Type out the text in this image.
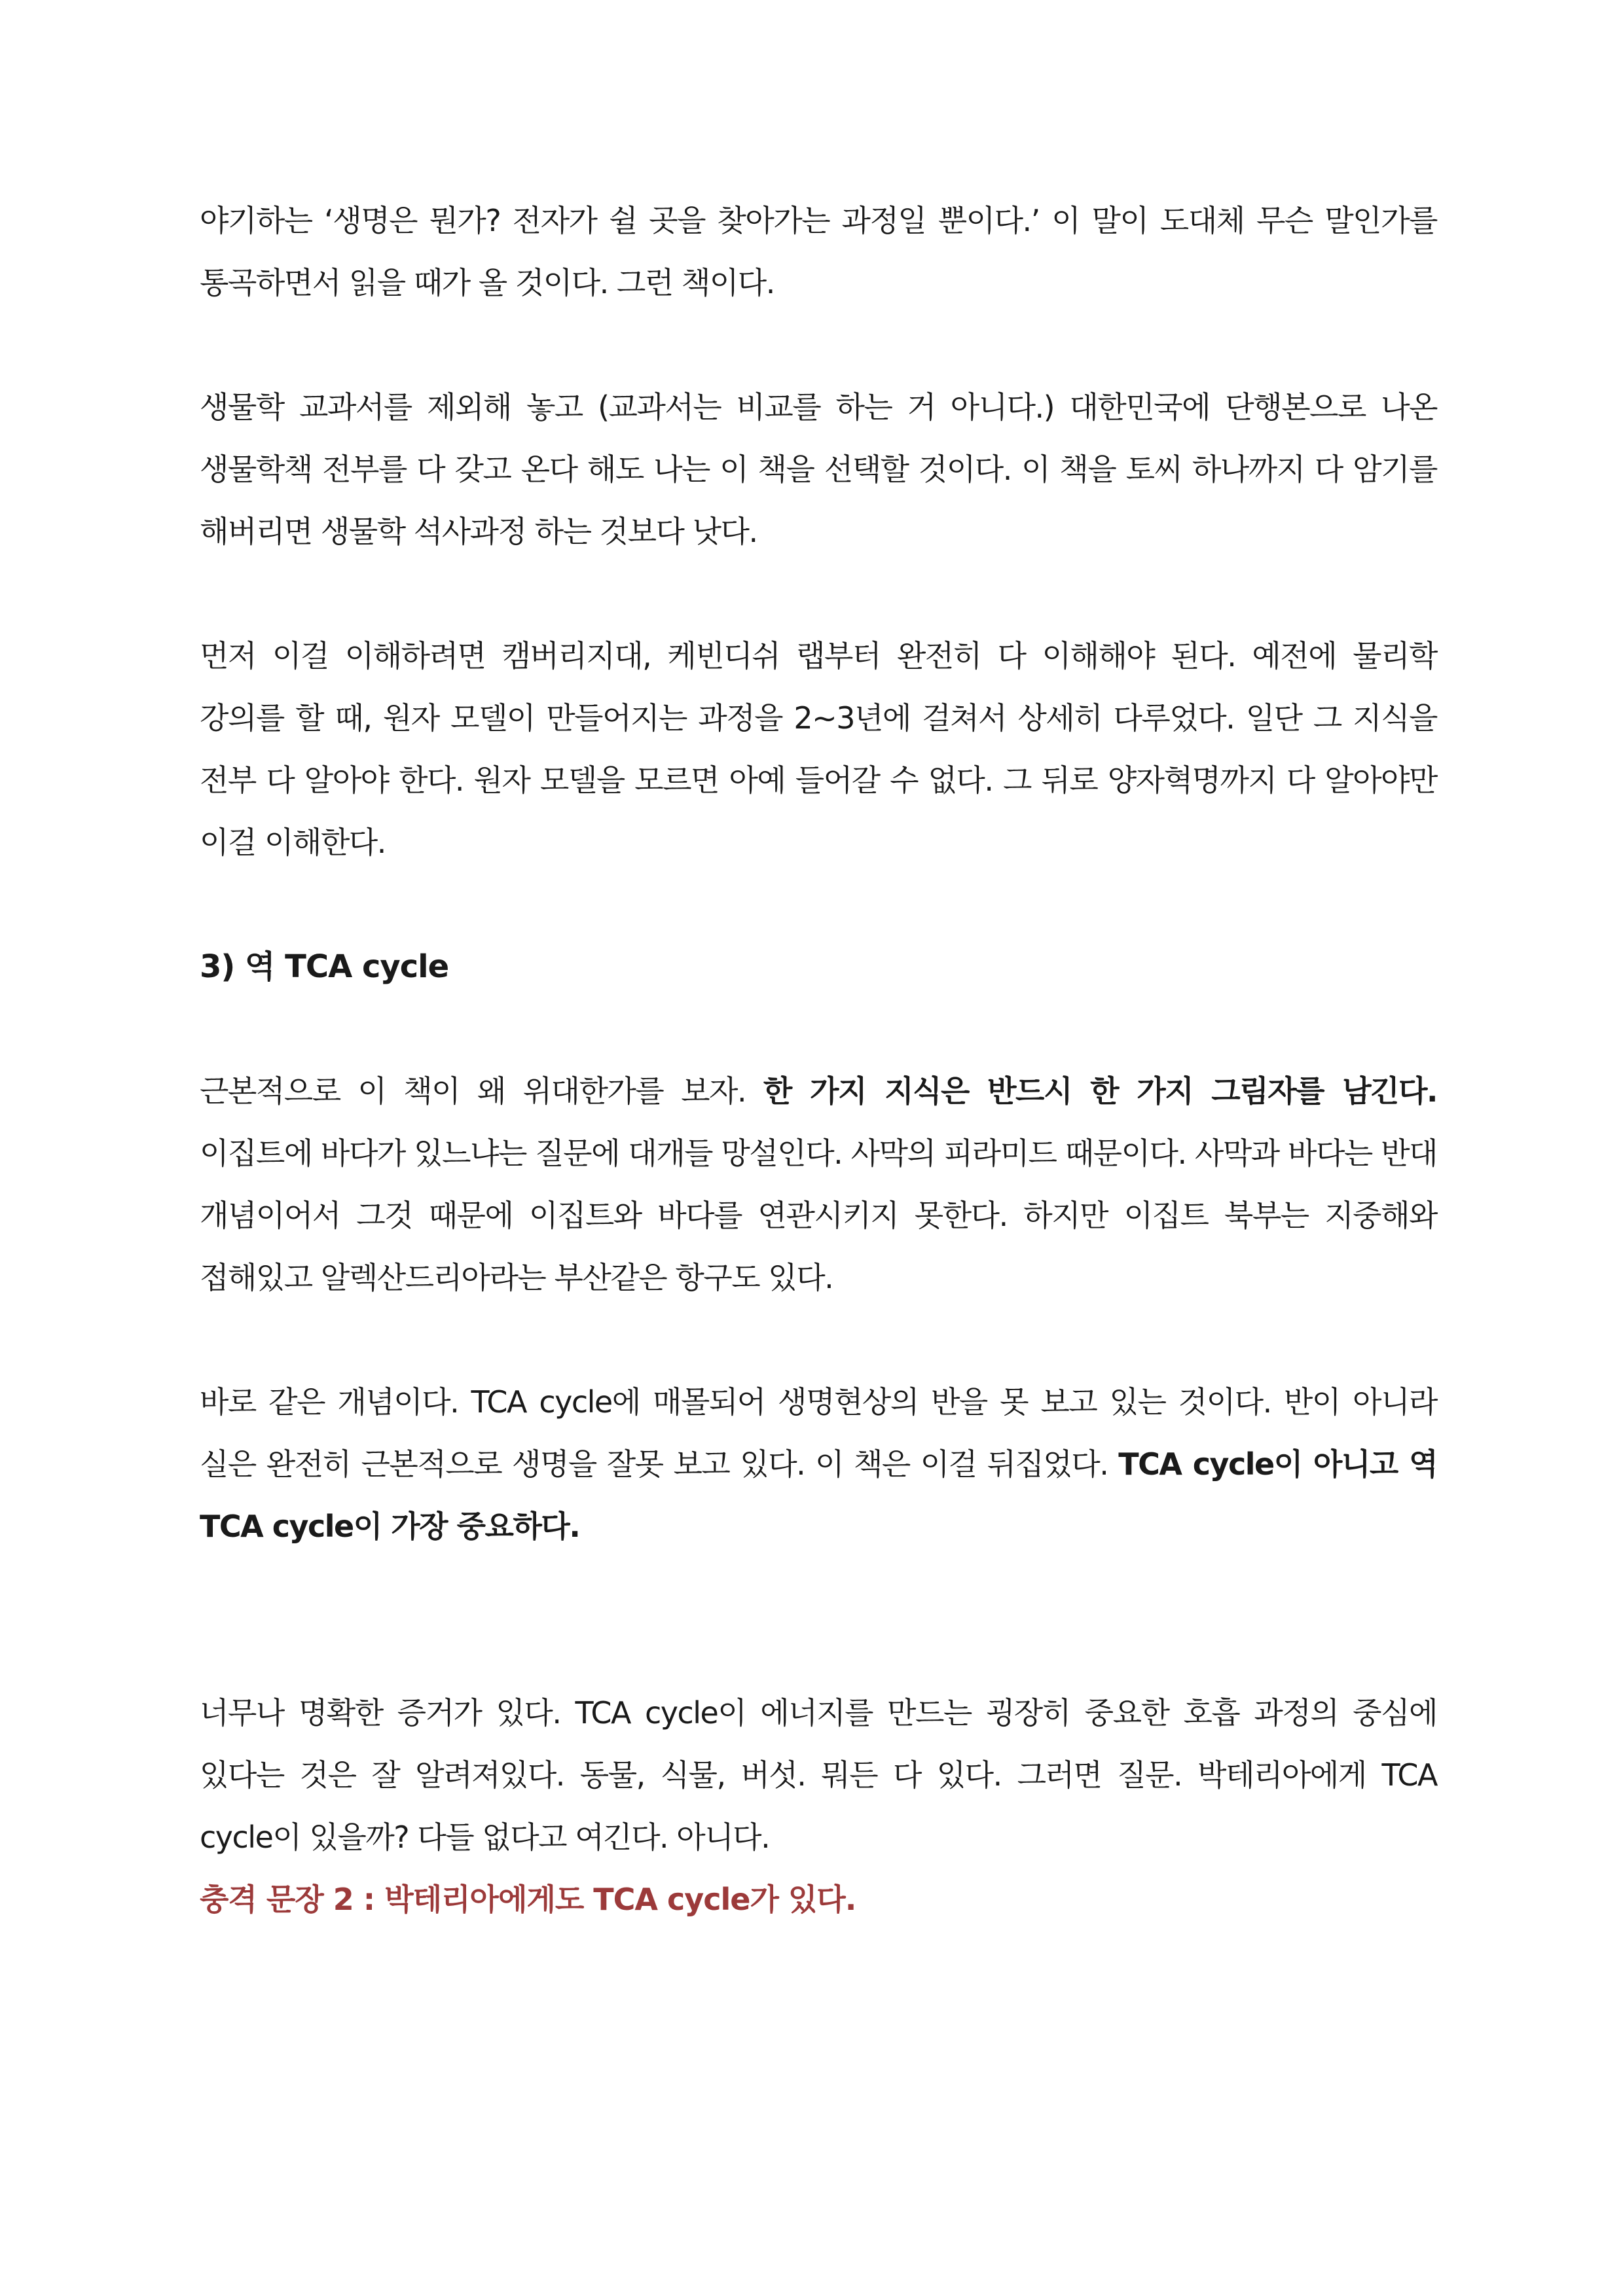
야기하는 ‘생명은 뭔가? 전자가 쉴 곳을 찾아가는 과정일 뿐이다.’ 이 말이 도대체 무슨 말인가를 통곡하면서 읽을 때가 올 것이다. 그런 책이다.

생물학 교과서를 제외해 놓고 (교과서는 비교를 하는 거 아니다.) 대한민국에 단행본으로 나온 생물학책 전부를 다 갖고 온다 해도 나는 이 책을 선택할 것이다. 이 책을 토씨 하나까지 다 암기를 해버리면 생물학 석사과정 하는 것보다 낫다.

먼저 이걸 이해하려면 캠버리지대, 케빈디쉬 랩부터 완전히 다 이해해야 된다. 예전에 물리학 강의를 할 때, 원자 모델이 만들어지는 과정을 2~3년에 걸쳐서 상세히 다루었다. 일단 그 지식을 전부 다 알아야 한다. 원자 모델을 모르면 아예 들어갈 수 없다. 그 뒤로 양자혁명까지 다 알아야만 이걸 이해한다.

3) 역 TCA cycle

근본적으로 이 책이 왜 위대한가를 보자. 한 가지 지식은 반드시 한 가지 그림자를 남긴다. 이집트에 바다가 있느냐는 질문에 대개들 망설인다. 사막의 피라미드 때문이다. 사막과 바다는 반대 개념이어서 그것 때문에 이집트와 바다를 연관시키지 못한다. 하지만 이집트 북부는 지중해와 접해있고 알렉산드리아라는 부산같은 항구도 있다.

바로 같은 개념이다. TCA cycle에 매몰되어 생명현상의 반을 못 보고 있는 것이다. 반이 아니라 실은 완전히 근본적으로 생명을 잘못 보고 있다. 이 책은 이걸 뒤집었다. TCA cycle이 아니고 역 TCA cycle이 가장 중요하다.

너무나 명확한 증거가 있다. TCA cycle이 에너지를 만드는 굉장히 중요한 호흡 과정의 중심에 있다는 것은 잘 알려져있다. 동물, 식물, 버섯. 뭐든 다 있다. 그러면 질문. 박테리아에게 TCA cycle이 있을까? 다들 없다고 여긴다. 아니다.

충격 문장 2 : 박테리아에게도 TCA cycle가 있다.
